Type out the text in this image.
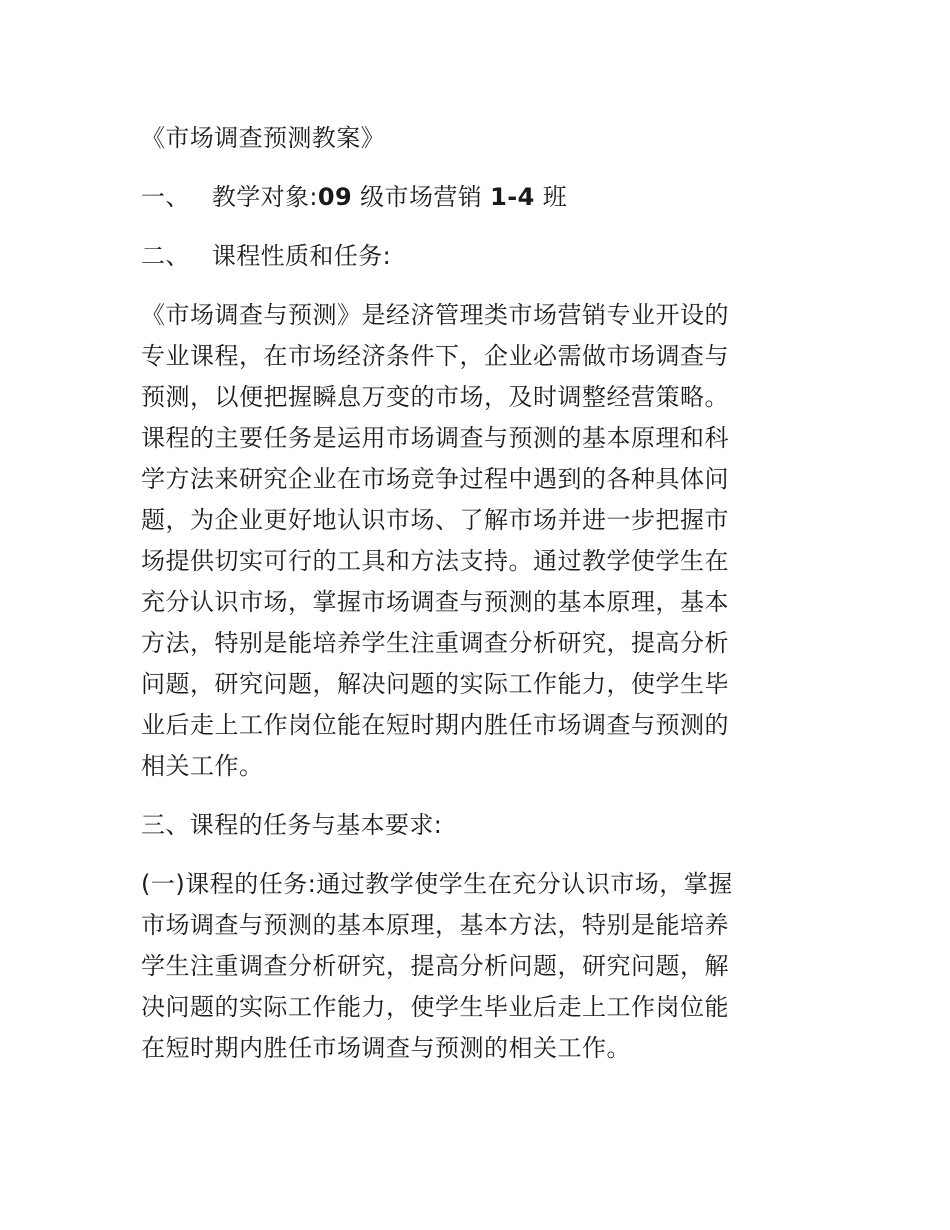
《市场调查预测教案》
一、 教学对象:09 级市场营销 1-4 班
二、 课程性质和任务:
《市场调查与预测》是经济管理类市场营销专业开设的
专业课程，在市场经济条件下，企业必需做市场调查与
预测，以便把握瞬息万变的市场，及时调整经营策略。
课程的主要任务是运用市场调查与预测的基本原理和科
学方法来研究企业在市场竞争过程中遇到的各种具体问
题，为企业更好地认识市场、了解市场并进一步把握市
场提供切实可行的工具和方法支持。通过教学使学生在
充分认识市场，掌握市场调查与预测的基本原理，基本
方法，特别是能培养学生注重调查分析研究，提高分析
问题，研究问题，解决问题的实际工作能力，使学生毕
业后走上工作岗位能在短时期内胜任市场调查与预测的
相关工作。
三、课程的任务与基本要求:
(一)课程的任务:通过教学使学生在充分认识市场，掌握
市场调查与预测的基本原理，基本方法，特别是能培养
学生注重调查分析研究，提高分析问题，研究问题，解
决问题的实际工作能力，使学生毕业后走上工作岗位能
在短时期内胜任市场调查与预测的相关工作。
